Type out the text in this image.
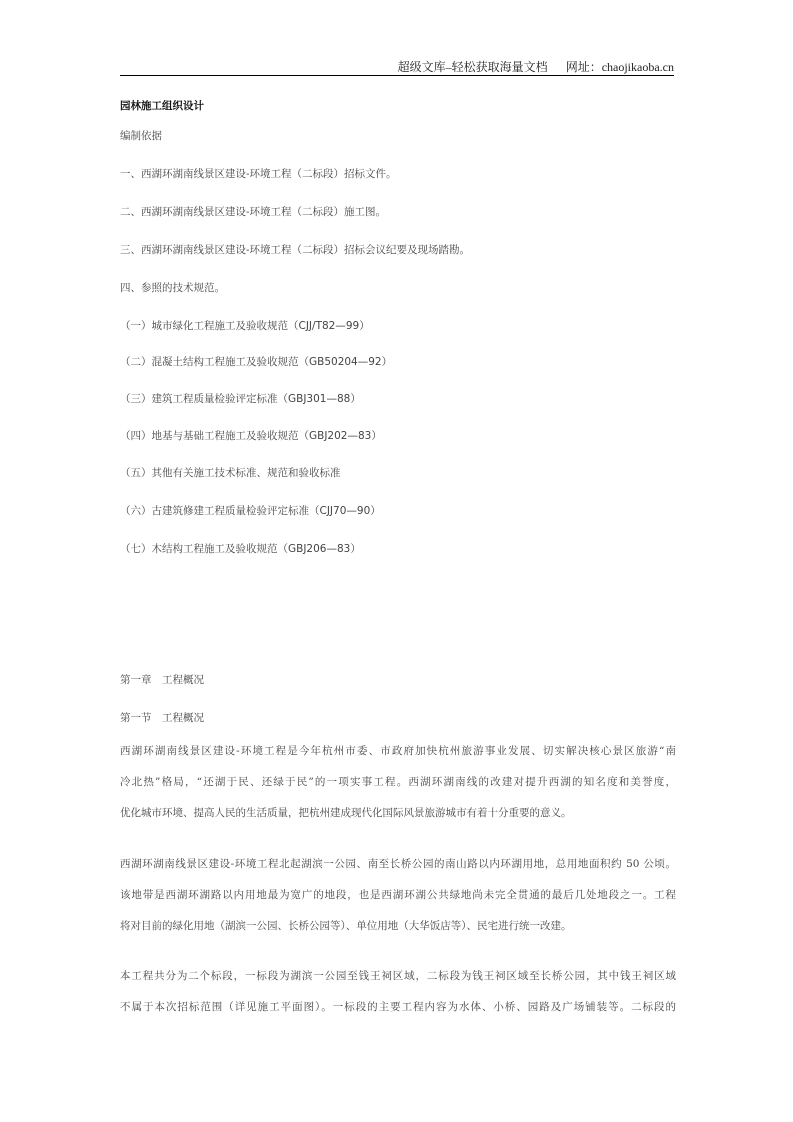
超级文库–轻松获取海量文档 网址：chaojikaoba.cn
园林施工组织设计
编制依据
一、西湖环湖南线景区建设-环境工程（二标段）招标文件。
二、西湖环湖南线景区建设-环境工程（二标段）施工图。
三、西湖环湖南线景区建设-环境工程（二标段）招标会议纪要及现场踏勘。
四、参照的技术规范。
（一）城市绿化工程施工及验收规范（CJJ/T82—99）
（二）混凝土结构工程施工及验收规范（GB50204—92）
（三）建筑工程质量检验评定标准（GBJ301—88）
（四）地基与基础工程施工及验收规范（GBJ202—83）
（五）其他有关施工技术标准、规范和验收标准
（六）古建筑修建工程质量检验评定标准（CJJ70—90）
（七）木结构工程施工及验收规范（GBJ206—83）
第一章　工程概况
第一节　工程概况
西湖环湖南线景区建设-环境工程是今年杭州市委、市政府加快杭州旅游事业发展、切实解决核心景区旅游“南
冷北热”格局，“还湖于民、还绿于民”的一项实事工程。西湖环湖南线的改建对提升西湖的知名度和美誉度，
优化城市环境、提高人民的生活质量，把杭州建成现代化国际风景旅游城市有着十分重要的意义。
西湖环湖南线景区建设-环境工程北起湖滨一公园、南至长桥公园的南山路以内环湖用地，总用地面积约 50 公顷。
该地带是西湖环湖路以内用地最为宽广的地段，也是西湖环湖公共绿地尚未完全贯通的最后几处地段之一。工程
将对目前的绿化用地（湖滨一公园、长桥公园等）、单位用地（大华饭店等）、民宅进行统一改建。
本工程共分为二个标段，一标段为湖滨一公园至钱王祠区域，二标段为钱王祠区域至长桥公园，其中钱王祠区域
不属于本次招标范围（详见施工平面图）。一标段的主要工程内容为水体、小桥、园路及广场铺装等。二标段的
